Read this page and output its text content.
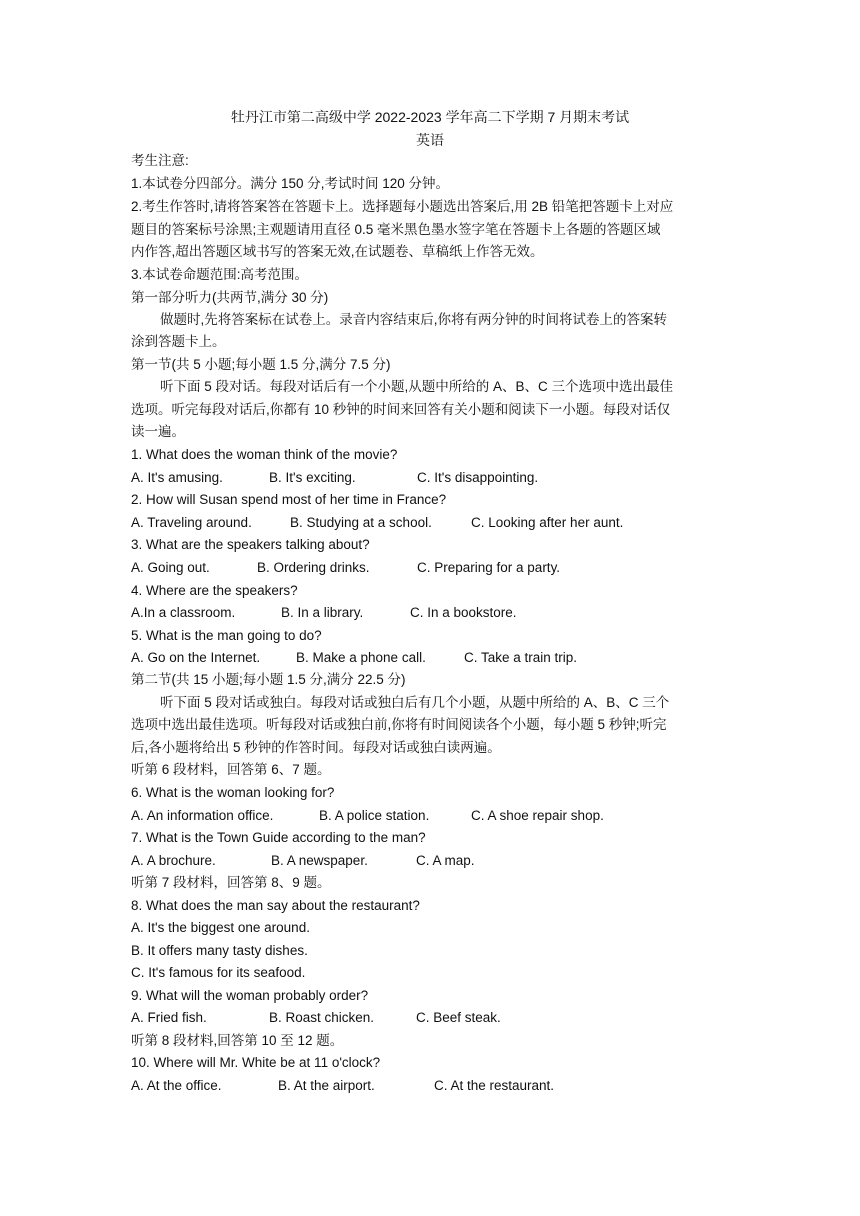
牡丹江市第二高级中学 2022-2023 学年高二下学期 7 月期末考试
英语
考生注意:
1.本试卷分四部分。满分 150 分,考试时间 120 分钟。
2.考生作答时,请将答案答在答题卡上。选择题每小题选出答案后,用 2B 铅笔把答题卡上对应
题目的答案标号涂黑;主观题请用直径 0.5 毫米黑色墨水签字笔在答题卡上各题的答题区域
内作答,超出答题区域书写的答案无效,在试题卷、草稿纸上作答无效。
3.本试卷命题范围:高考范围。
第一部分听力(共两节,满分 30 分)
做题时,先将答案标在试卷上。录音内容结束后,你将有两分钟的时间将试卷上的答案转
涂到答题卡上。
第一节(共 5 小题;每小题 1.5 分,满分 7.5 分)
听下面 5 段对话。每段对话后有一个小题,从题中所给的 A、B、C 三个选项中选出最佳
选项。听完每段对话后,你都有 10 秒钟的时间来回答有关小题和阅读下一小题。每段对话仅
读一遍。
1. What does the woman think of the movie?
A. It's amusing.	B. It's exciting.	C. It's disappointing.
2. How will Susan spend most of her time in France?
A. Traveling around.	B. Studying at a school.	C. Looking after her aunt.
3. What are the speakers talking about?
A. Going out.	B. Ordering drinks.	C. Preparing for a party.
4. Where are the speakers?
A.In a classroom.	B. In a library.	C. In a bookstore.
5. What is the man going to do?
A. Go on the Internet.	B. Make a phone call.	C. Take a train trip.
第二节(共 15 小题;每小题 1.5 分,满分 22.5 分)
听下面 5 段对话或独白。每段对话或独白后有几个小题，从题中所给的 A、B、C 三个
选项中选出最佳选项。听每段对话或独白前,你将有时间阅读各个小题，每小题 5 秒钟;听完
后,各小题将给出 5 秒钟的作答时间。每段对话或独白读两遍。
听第 6 段材料，回答第 6、7 题。
6. What is the woman looking for?
A. An information office.	B. A police station.	C. A shoe repair shop.
7. What is the Town Guide according to the man?
A. A brochure.	B. A newspaper.	C. A map.
听第 7 段材料，回答第 8、9 题。
8. What does the man say about the restaurant?
A. It's the biggest one around.
B. It offers many tasty dishes.
C. It's famous for its seafood.
9. What will the woman probably order?
A. Fried fish.	B. Roast chicken.	C. Beef steak.
听第 8 段材料,回答第 10 至 12 题。
10. Where will Mr. White be at 11 o'clock?
A. At the office.	B. At the airport.	C. At the restaurant.
